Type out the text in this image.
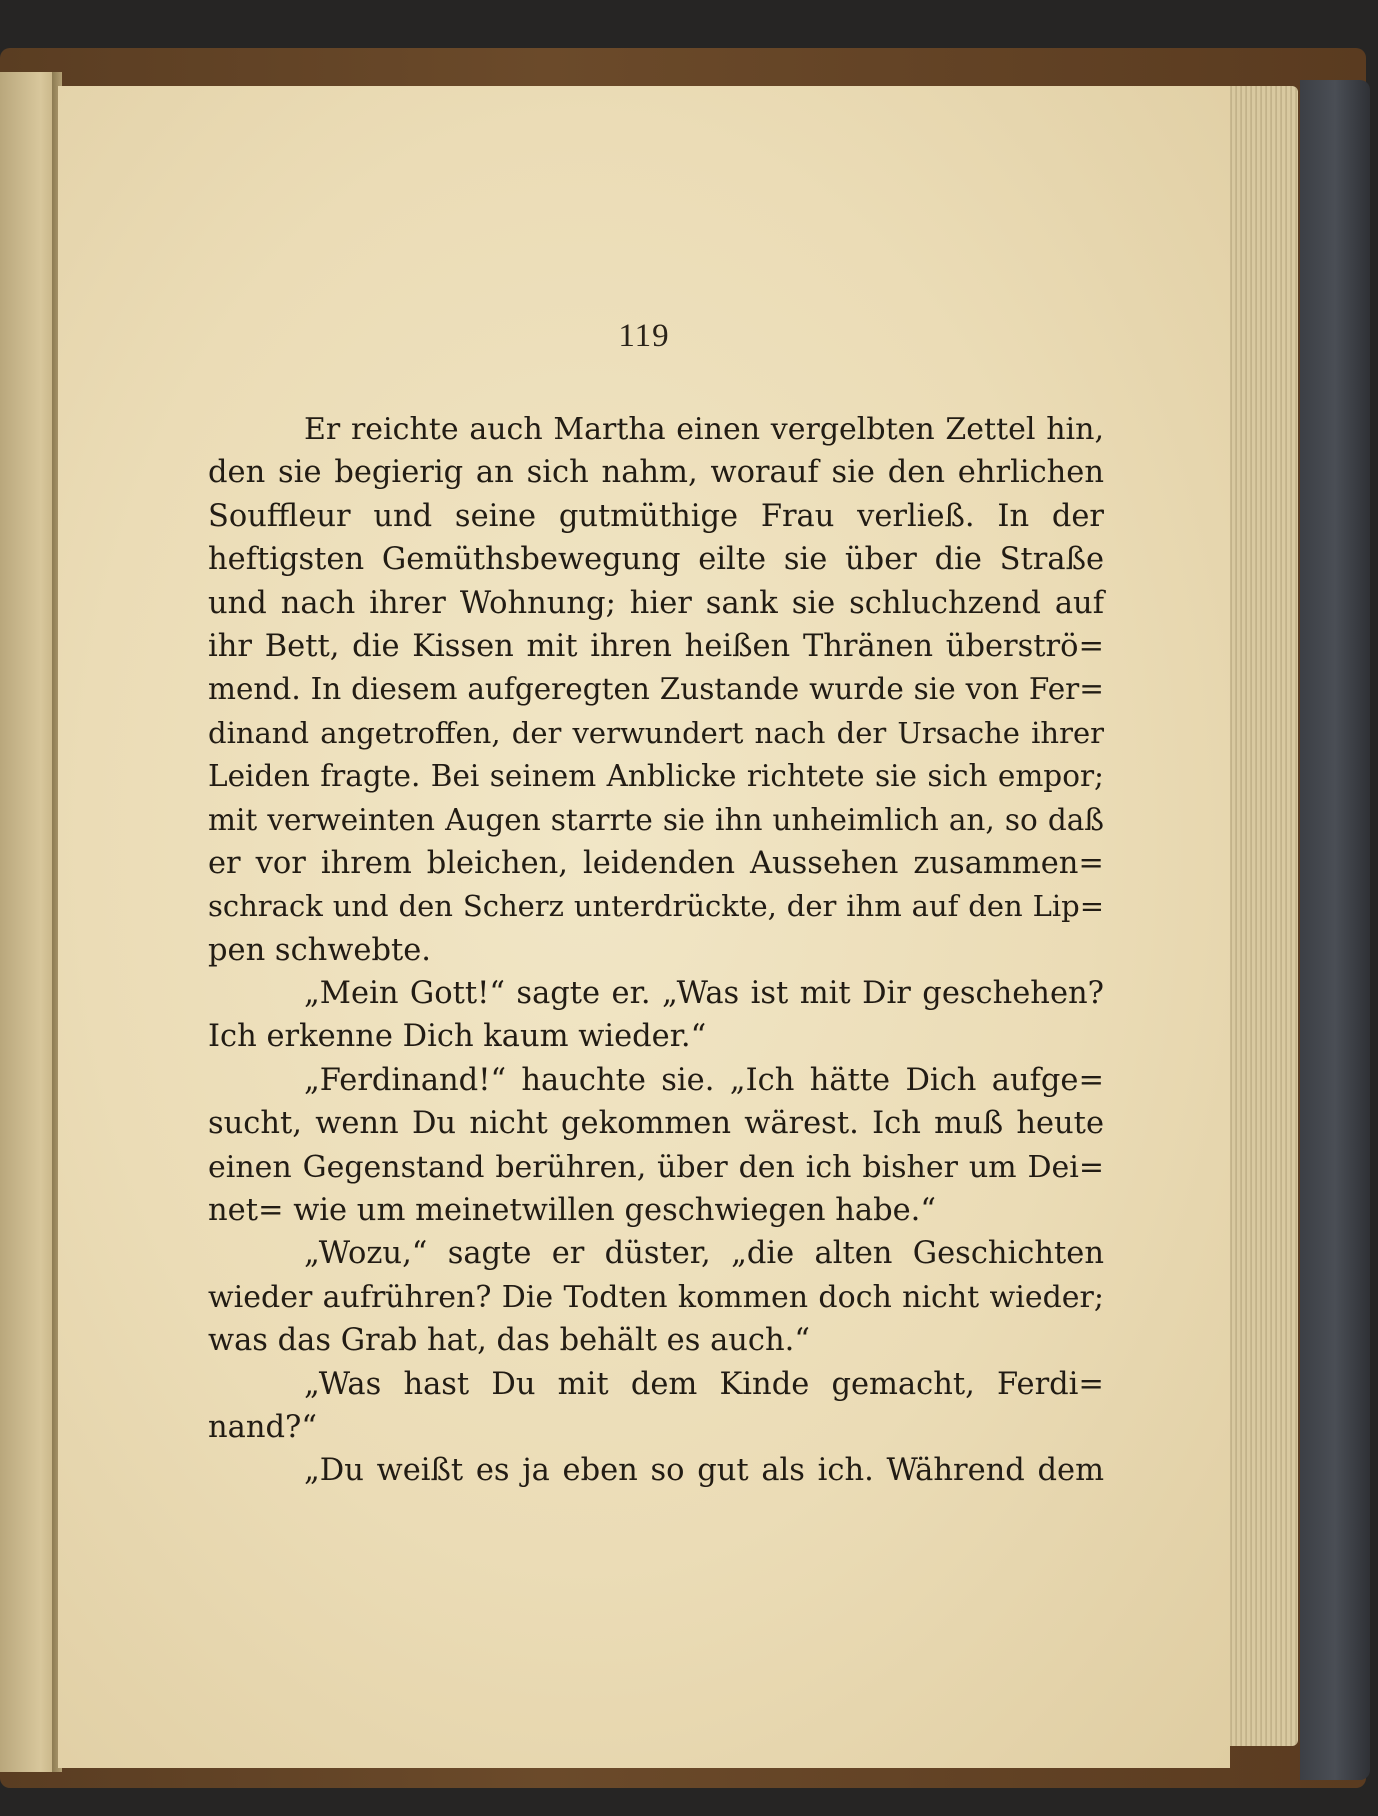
119
Er reichte auch Martha einen vergelbten Zettel hin,
den sie begierig an sich nahm, worauf sie den ehrlichen
Souffleur und seine gutmüthige Frau verließ. In der
heftigsten Gemüthsbewegung eilte sie über die Straße
und nach ihrer Wohnung; hier sank sie schluchzend auf
ihr Bett, die Kissen mit ihren heißen Thränen überströ=
mend. In diesem aufgeregten Zustande wurde sie von Fer=
dinand angetroffen, der verwundert nach der Ursache ihrer
Leiden fragte. Bei seinem Anblicke richtete sie sich empor;
mit verweinten Augen starrte sie ihn unheimlich an, so daß
er vor ihrem bleichen, leidenden Aussehen zusammen=
schrack und den Scherz unterdrückte, der ihm auf den Lip=
pen schwebte.
„Mein Gott!“ sagte er. „Was ist mit Dir geschehen?
Ich erkenne Dich kaum wieder.“
„Ferdinand!“ hauchte sie. „Ich hätte Dich aufge=
sucht, wenn Du nicht gekommen wärest. Ich muß heute
einen Gegenstand berühren, über den ich bisher um Dei=
net= wie um meinetwillen geschwiegen habe.“
„Wozu,“ sagte er düster, „die alten Geschichten
wieder aufrühren? Die Todten kommen doch nicht wieder;
was das Grab hat, das behält es auch.“
„Was hast Du mit dem Kinde gemacht, Ferdi=
nand?“
„Du weißt es ja eben so gut als ich. Während dem
